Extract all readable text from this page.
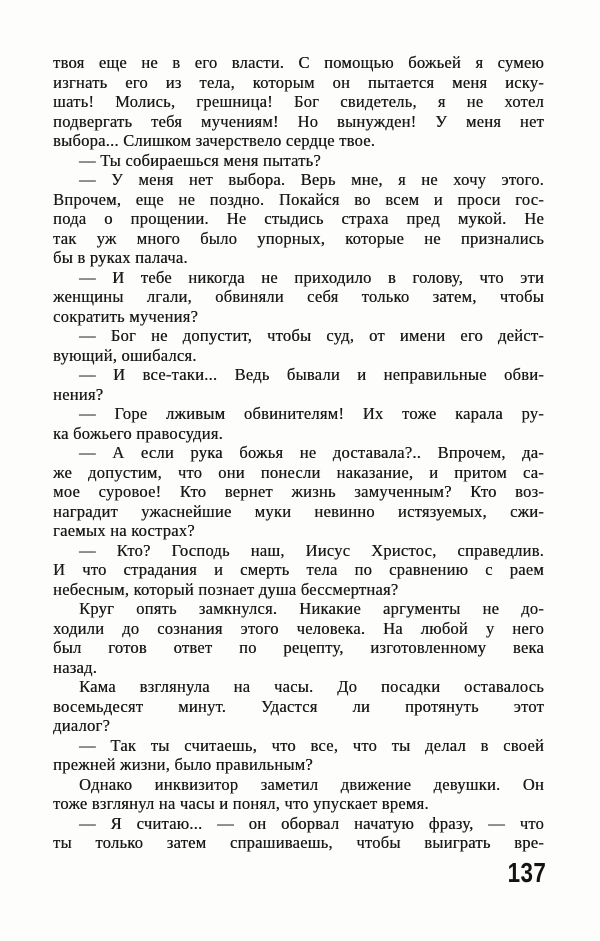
твоя еще не в его власти. С помощью божьей я сумею
изгнать его из тела, которым он пытается меня иску-
шать! Молись, грешница! Бог свидетель, я не хотел
подвергать тебя мучениям! Но вынужден! У меня нет
выбора... Слишком зачерствело сердце твое.
— Ты собираешься меня пытать?
— У меня нет выбора. Верь мне, я не хочу этого.
Впрочем, еще не поздно. Покайся во всем и проси гос-
пода о прощении. Не стыдись страха пред мукой. Не
так уж много было упорных, которые не признались
бы в руках палача.
— И тебе никогда не приходило в голову, что эти
женщины лгали, обвиняли себя только затем, чтобы
сократить мучения?
— Бог не допустит, чтобы суд, от имени его дейст-
вующий, ошибался.
— И все-таки... Ведь бывали и неправильные обви-
нения?
— Горе лживым обвинителям! Их тоже карала ру-
ка божьего правосудия.
— А если рука божья не доставала?.. Впрочем, да-
же допустим, что они понесли наказание, и притом са-
мое суровое! Кто вернет жизнь замученным? Кто воз-
наградит ужаснейшие муки невинно истязуемых, сжи-
гаемых на кострах?
— Кто? Господь наш, Иисус Христос, справедлив.
И что страдания и смерть тела по сравнению с раем
небесным, который познает душа бессмертная?
Круг опять замкнулся. Никакие аргументы не до-
ходили до сознания этого человека. На любой у него
был готов ответ по рецепту, изготовленному века
назад.
Кама взглянула на часы. До посадки оставалось
восемьдесят минут. Удастся ли протянуть этот
диалог?
— Так ты считаешь, что все, что ты делал в своей
прежней жизни, было правильным?
Однако инквизитор заметил движение девушки. Он
тоже взглянул на часы и понял, что упускает время.
— Я считаю... — он оборвал начатую фразу, — что
ты только затем спрашиваешь, чтобы выиграть вре-
137
